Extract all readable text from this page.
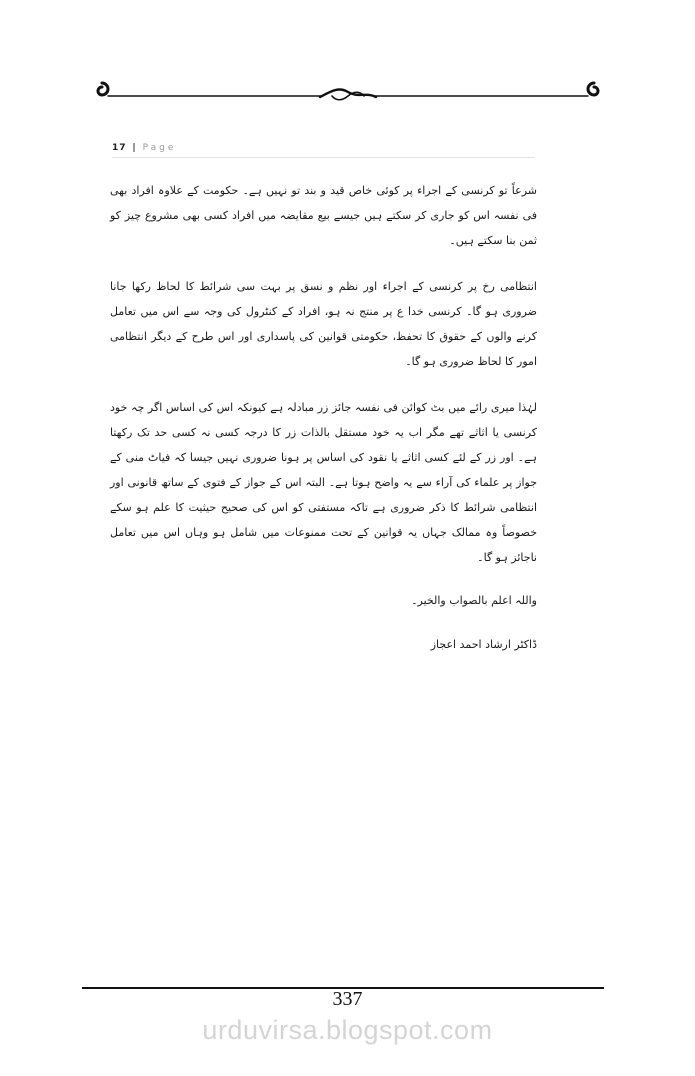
17 | Page

شرعاً تو کرنسی کے اجراء پر کوئی خاص قید و بند تو نہیں ہے۔ حکومت کے علاوہ افراد بھی فی نفسہ اس کو جاری کر سکتے ہیں جیسے بیع مقایضہ میں افراد کسی بھی مشروع چیز کو ثمن بنا سکتے ہیں۔

انتظامی رخ پر کرنسی کے اجراء اور نظم و نسق پر بہت سی شرائط کا لحاظ رکھا جانا ضروری ہو گا۔ کرنسی خدا ع پر منتج نہ ہو، افراد کے کنٹرول کی وجہ سے اس میں تعامل کرنے والوں کے حقوق کا تحفظ، حکومتی قوانین کی پاسداری اور اس طرح کے دیگر انتظامی امور کا لحاظ ضروری ہو گا۔

لہٰذا میری رائے میں بٹ کوائن فی نفسہ جائز زر مبادلہ ہے کیونکہ اس کی اساس اگر چہ خود کرنسی یا اثاثے تھے مگر اب یہ خود مستقل بالذات زر کا درجہ کسی نہ کسی حد تک رکھتا ہے۔ اور زر کے لئے کسی اثاثے یا نقود کی اساس پر ہونا ضروری نہیں جیسا کہ فیاٹ منی کے جواز پر علماء کی آراء سے یہ واضح ہوتا ہے۔ البتہ اس کے جواز کے فتوی کے ساتھ قانونی اور انتظامی شرائط کا ذکر ضروری ہے تاکہ مستفتی کو اس کی صحیح حیثیت کا علم ہو سکے خصوصاً وہ ممالک جہاں یہ قوانین کے تحت ممنوعات میں شامل ہو وہاں اس میں تعامل ناجائز ہو گا۔

واللہ اعلم بالصواب والخیر۔

ڈاکٹر ارشاد احمد اعجاز

337
urduvirsa.blogspot.com
